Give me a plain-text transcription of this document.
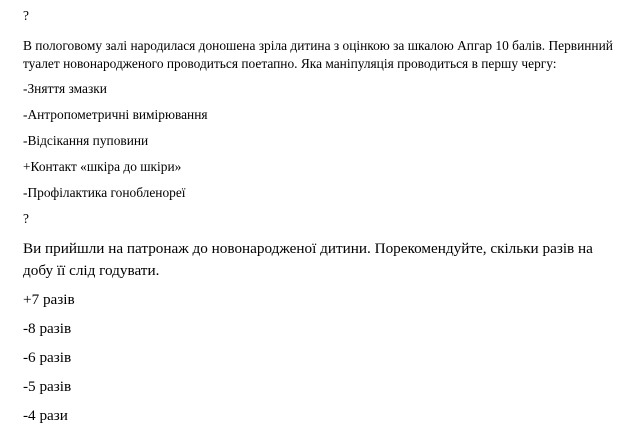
?
В пологовому залі народилася доношена зріла дитина з оцінкою за шкалою Апгар 10 балів. Первинний
туалет новонародженого проводиться поетапно. Яка маніпуляція проводиться в першу чергу:
-Зняття змазки
-Антропометричні вимірювання
-Відсікання пуповини
+Контакт «шкіра до шкіри»
-Профілактика гонобленореї
?
Ви прийшли на патронаж до новонародженої дитини. Порекомендуйте, скільки разів на
добу її слід годувати.
+7 разів
-8 разів
-6 разів
-5 разів
-4 рази
